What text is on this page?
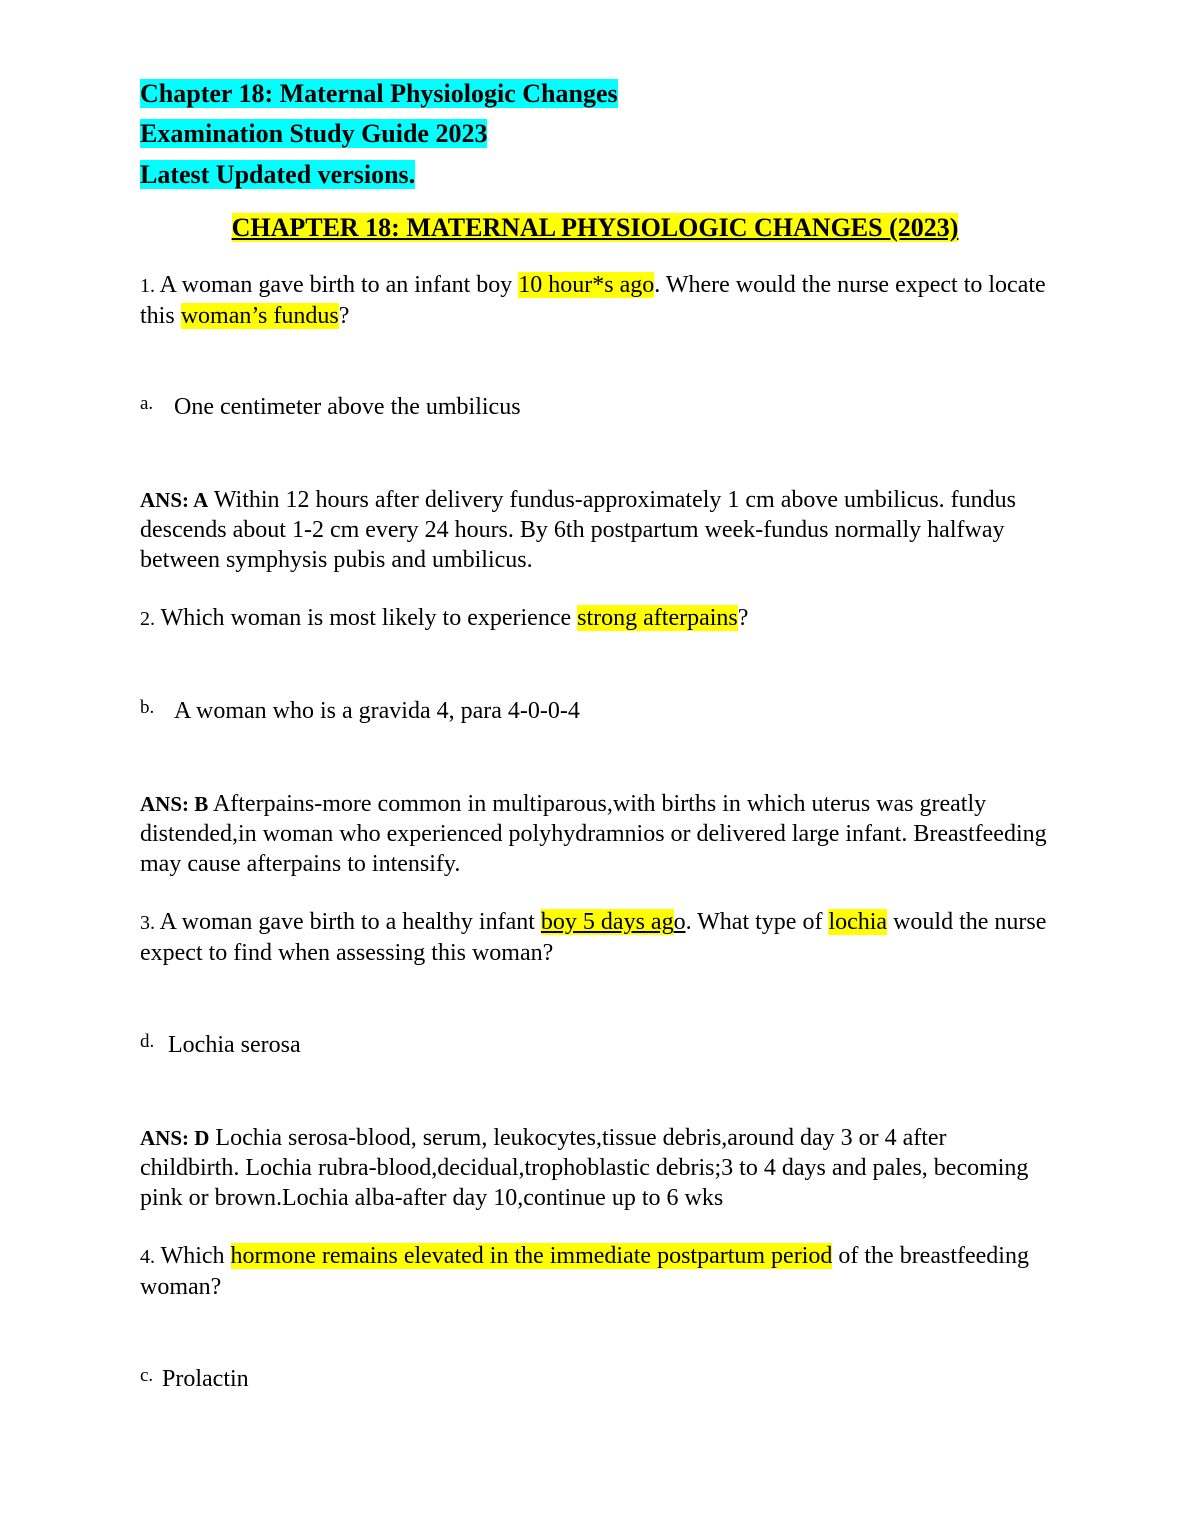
Chapter 18: Maternal Physiologic Changes
Examination Study Guide 2023
Latest Updated versions.
CHAPTER 18: MATERNAL PHYSIOLOGIC CHANGES (2023)
1. A woman gave birth to an infant boy 10 hour*s ago. Where would the nurse expect to locate this woman’s fundus?
a. One centimeter above the umbilicus
ANS: A Within 12 hours after delivery fundus-approximately 1 cm above umbilicus. fundus descends about 1-2 cm every 24 hours. By 6th postpartum week-fundus normally halfway between symphysis pubis and umbilicus.
2. Which woman is most likely to experience strong afterpains?
b. A woman who is a gravida 4, para 4-0-0-4
ANS: B Afterpains-more common in multiparous,with births in which uterus was greatly distended,in woman who experienced polyhydramnios or delivered large infant. Breastfeeding may cause afterpains to intensify.
3. A woman gave birth to a healthy infant boy 5 days ago. What type of lochia would the nurse expect to find when assessing this woman?
d. Lochia serosa
ANS: D Lochia serosa-blood, serum, leukocytes,tissue debris,around day 3 or 4 after childbirth. Lochia rubra-blood,decidual,trophoblastic debris;3 to 4 days and pales, becoming pink or brown.Lochia alba-after day 10,continue up to 6 wks
4. Which hormone remains elevated in the immediate postpartum period of the breastfeeding woman?
c. Prolactin
